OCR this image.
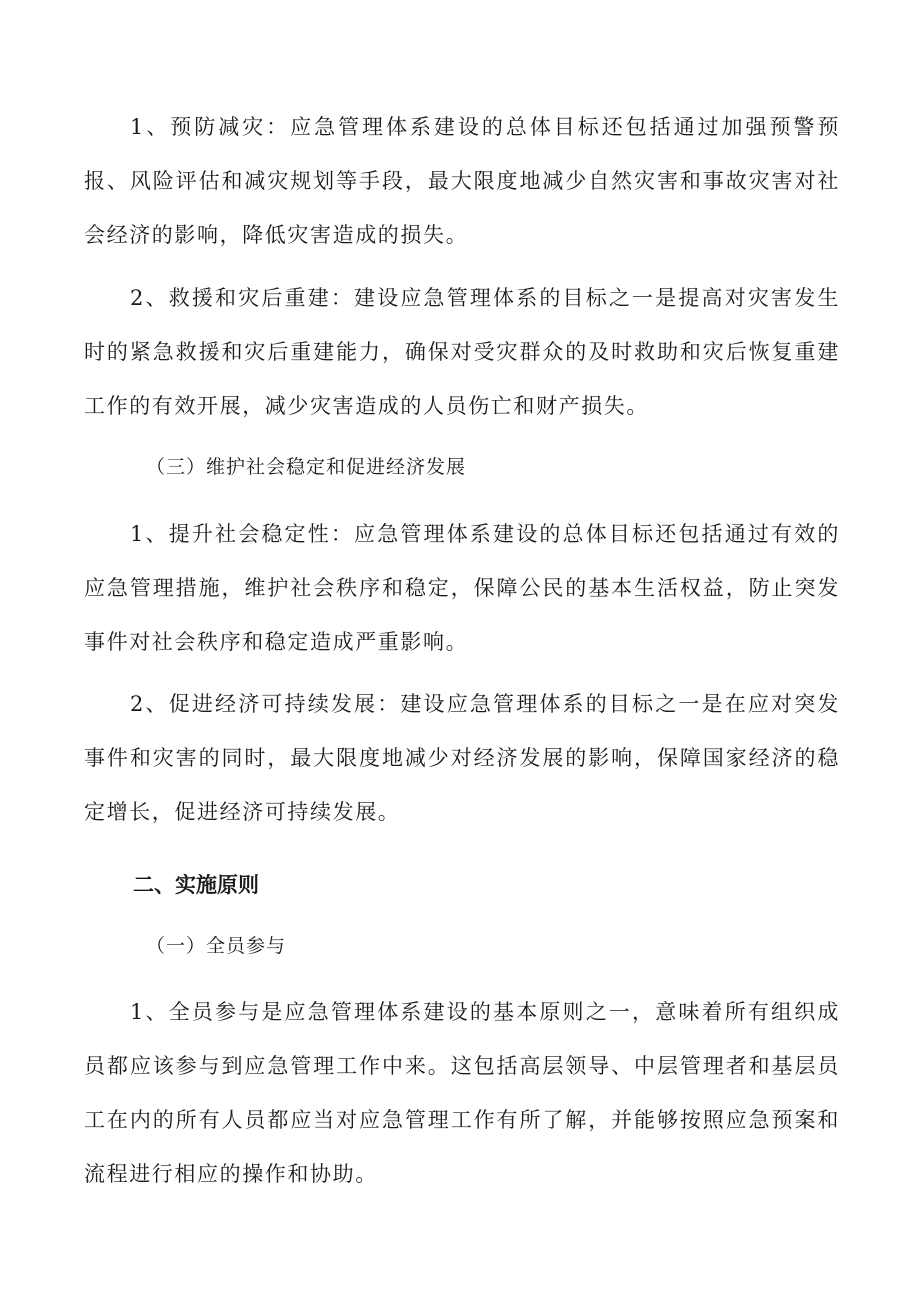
1、预防减灾：应急管理体系建设的总体目标还包括通过加强预警预报、风险评估和减灾规划等手段，最大限度地减少自然灾害和事故灾害对社会经济的影响，降低灾害造成的损失。

2、救援和灾后重建：建设应急管理体系的目标之一是提高对灾害发生时的紧急救援和灾后重建能力，确保对受灾群众的及时救助和灾后恢复重建工作的有效开展，减少灾害造成的人员伤亡和财产损失。

（三）维护社会稳定和促进经济发展

1、提升社会稳定性：应急管理体系建设的总体目标还包括通过有效的应急管理措施，维护社会秩序和稳定，保障公民的基本生活权益，防止突发事件对社会秩序和稳定造成严重影响。

2、促进经济可持续发展：建设应急管理体系的目标之一是在应对突发事件和灾害的同时，最大限度地减少对经济发展的影响，保障国家经济的稳定增长，促进经济可持续发展。

二、实施原则

（一）全员参与

1、全员参与是应急管理体系建设的基本原则之一，意味着所有组织成员都应该参与到应急管理工作中来。这包括高层领导、中层管理者和基层员工在内的所有人员都应当对应急管理工作有所了解，并能够按照应急预案和流程进行相应的操作和协助。
